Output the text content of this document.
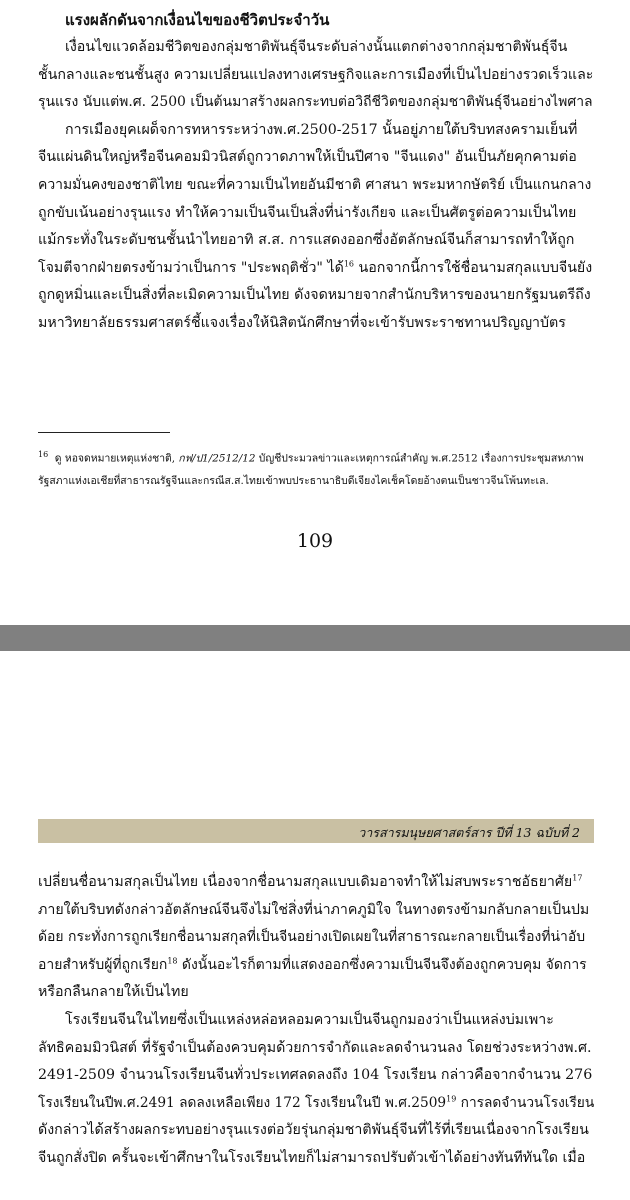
แรงผลักดันจากเงื่อนไขของชีวิตประจำวัน

เงื่อนไขแวดล้อมชีวิตของกลุ่มชาติพันธุ์จีนระดับล่างนั้นแตกต่างจากกลุ่มชาติพันธุ์จีน
ชั้นกลางและชนชั้นสูง ความเปลี่ยนแปลงทางเศรษฐกิจและการเมืองที่เป็นไปอย่างรวดเร็วและ
รุนแรง นับแต่พ.ศ. 2500 เป็นต้นมาสร้างผลกระทบต่อวิถีชีวิตของกลุ่มชาติพันธุ์จีนอย่างไพศาล
การเมืองยุคเผด็จการทหารระหว่างพ.ศ.2500-2517 นั้นอยู่ภายใต้บริบทสงครามเย็นที่
จีนแผ่นดินใหญ่หรือจีนคอมมิวนิสต์ถูกวาดภาพให้เป็นปีศาจ "จีนแดง" อันเป็นภัยคุกคามต่อ
ความมั่นคงของชาติไทย ขณะที่ความเป็นไทยอันมีชาติ ศาสนา พระมหากษัตริย์ เป็นแกนกลาง
ถูกขับเน้นอย่างรุนแรง ทำให้ความเป็นจีนเป็นสิ่งที่น่ารังเกียจ และเป็นศัตรูต่อความเป็นไทย
แม้กระทั่งในระดับชนชั้นนำไทยอาทิ ส.ส. การแสดงออกซึ่งอัตลักษณ์จีนก็สามารถทำให้ถูก
โจมตีจากฝ่ายตรงข้ามว่าเป็นการ "ประพฤติชั่ว" ได้$^{16}$ นอกจากนี้การใช้ชื่อนามสกุลแบบจีนยัง
ถูกดูหมิ่นและเป็นสิ่งที่ละเมิดความเป็นไทย ดังจดหมายจากสำนักบริหารของนายกรัฐมนตรีถึง
มหาวิทยาลัยธรรมศาสตร์ชี้แจงเรื่องให้นิสิตนักศึกษาที่จะเข้ารับพระราชทานปริญญาบัตร

$^{16}$ ดู หอจดหมายเหตุแห่งชาติ, กฟ/ป1/2512/12 บัญชีประมวลข่าวและเหตุการณ์สำคัญ พ.ศ.2512 เรื่องการประชุมสหภาพ
รัฐสภาแห่งเอเชียที่สาธารณรัฐจีนและกรณีส.ส.ไทยเข้าพบประธานาธิบดีเจียงไคเช็คโดยอ้างตนเป็นชาวจีนโพ้นทะเล.

109
วารสารมนุษยศาสตร์สาร ปีที่ 13 ฉบับที่ 2
เปลี่ยนชื่อนามสกุลเป็นไทย เนื่องจากชื่อนามสกุลแบบเดิมอาจทำให้ไม่สบพระราชอัธยาศัย$^{17}$
ภายใต้บริบทดังกล่าวอัตลักษณ์จีนจึงไม่ใช่สิ่งที่น่าภาคภูมิใจ ในทางตรงข้ามกลับกลายเป็นปม
ด้อย กระทั่งการถูกเรียกชื่อนามสกุลที่เป็นจีนอย่างเปิดเผยในที่สาธารณะกลายเป็นเรื่องที่น่าอับ
อายสำหรับผู้ที่ถูกเรียก$^{18}$ ดังนั้นอะไรก็ตามที่แสดงออกซึ่งความเป็นจีนจึงต้องถูกควบคุม จัดการ
หรือกลืนกลายให้เป็นไทย
โรงเรียนจีนในไทยซึ่งเป็นแหล่งหล่อหลอมความเป็นจีนถูกมองว่าเป็นแหล่งบ่มเพาะ
ลัทธิคอมมิวนิสต์ ที่รัฐจำเป็นต้องควบคุมด้วยการจำกัดและลดจำนวนลง โดยช่วงระหว่างพ.ศ.
2491-2509 จำนวนโรงเรียนจีนทั่วประเทศลดลงถึง 104 โรงเรียน กล่าวคือจากจำนวน 276
โรงเรียนในปีพ.ศ.2491 ลดลงเหลือเพียง 172 โรงเรียนในปี พ.ศ.2509$^{19}$ การลดจำนวนโรงเรียน
ดังกล่าวได้สร้างผลกระทบอย่างรุนแรงต่อวัยรุ่นกลุ่มชาติพันธุ์จีนที่ไร้ที่เรียนเนื่องจากโรงเรียน
จีนถูกสั่งปิด ครั้นจะเข้าศึกษาในโรงเรียนไทยก็ไม่สามารถปรับตัวเข้าได้อย่างทันทีทันใด เมื่อ
